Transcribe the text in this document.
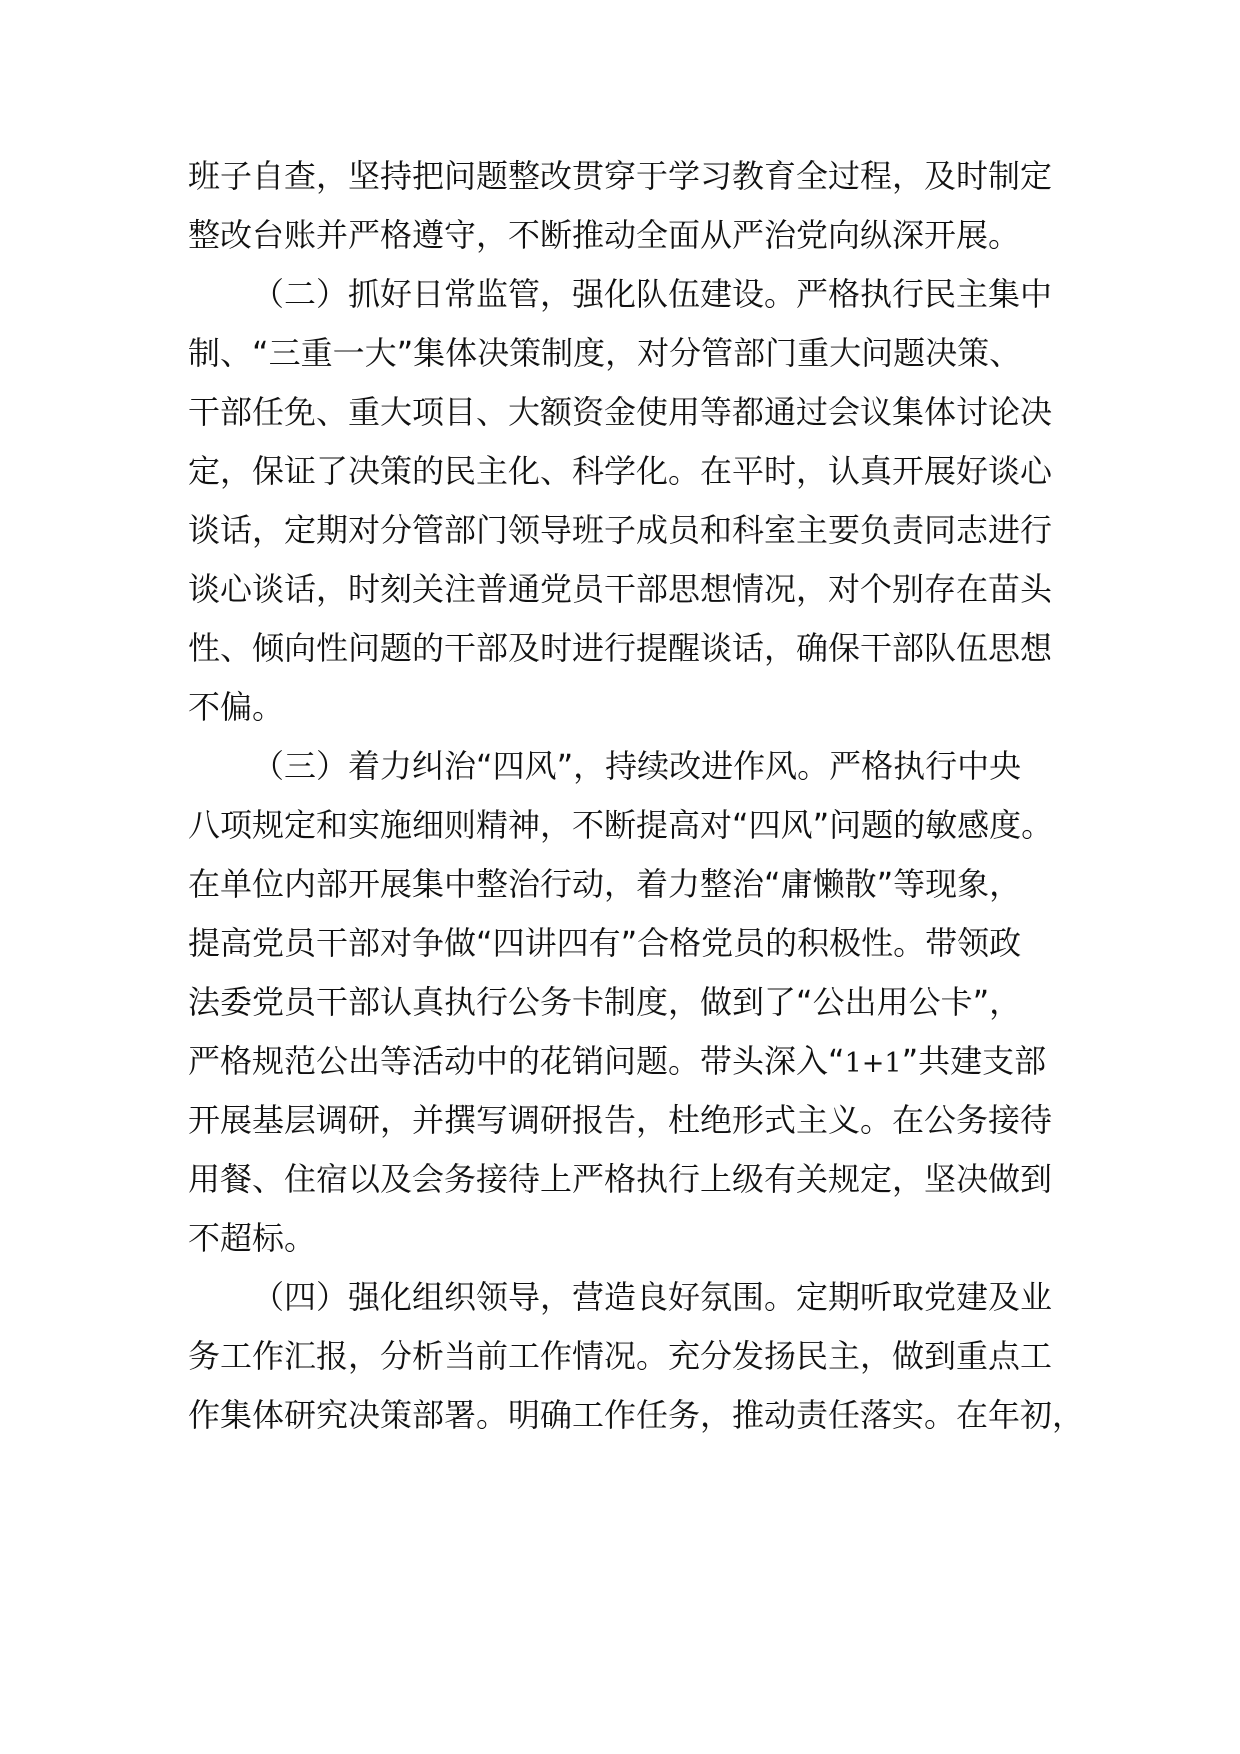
班子自查，坚持把问题整改贯穿于学习教育全过程，及时制定
整改台账并严格遵守，不断推动全面从严治党向纵深开展。
（二）抓好日常监管，强化队伍建设。严格执行民主集中
制、“三重一大”集体决策制度，对分管部门重大问题决策、
干部任免、重大项目、大额资金使用等都通过会议集体讨论决
定，保证了决策的民主化、科学化。在平时，认真开展好谈心
谈话，定期对分管部门领导班子成员和科室主要负责同志进行
谈心谈话，时刻关注普通党员干部思想情况，对个别存在苗头
性、倾向性问题的干部及时进行提醒谈话，确保干部队伍思想
不偏。
（三）着力纠治“四风”，持续改进作风。严格执行中央
八项规定和实施细则精神，不断提高对“四风”问题的敏感度。
在单位内部开展集中整治行动，着力整治“庸懒散”等现象，
提高党员干部对争做“四讲四有”合格党员的积极性。带领政
法委党员干部认真执行公务卡制度，做到了“公出用公卡”，
严格规范公出等活动中的花销问题。带头深入“1+1”共建支部
开展基层调研，并撰写调研报告，杜绝形式主义。在公务接待
用餐、住宿以及会务接待上严格执行上级有关规定，坚决做到
不超标。
（四）强化组织领导，营造良好氛围。定期听取党建及业
务工作汇报，分析当前工作情况。充分发扬民主，做到重点工
作集体研究决策部署。明确工作任务，推动责任落实。在年初，
